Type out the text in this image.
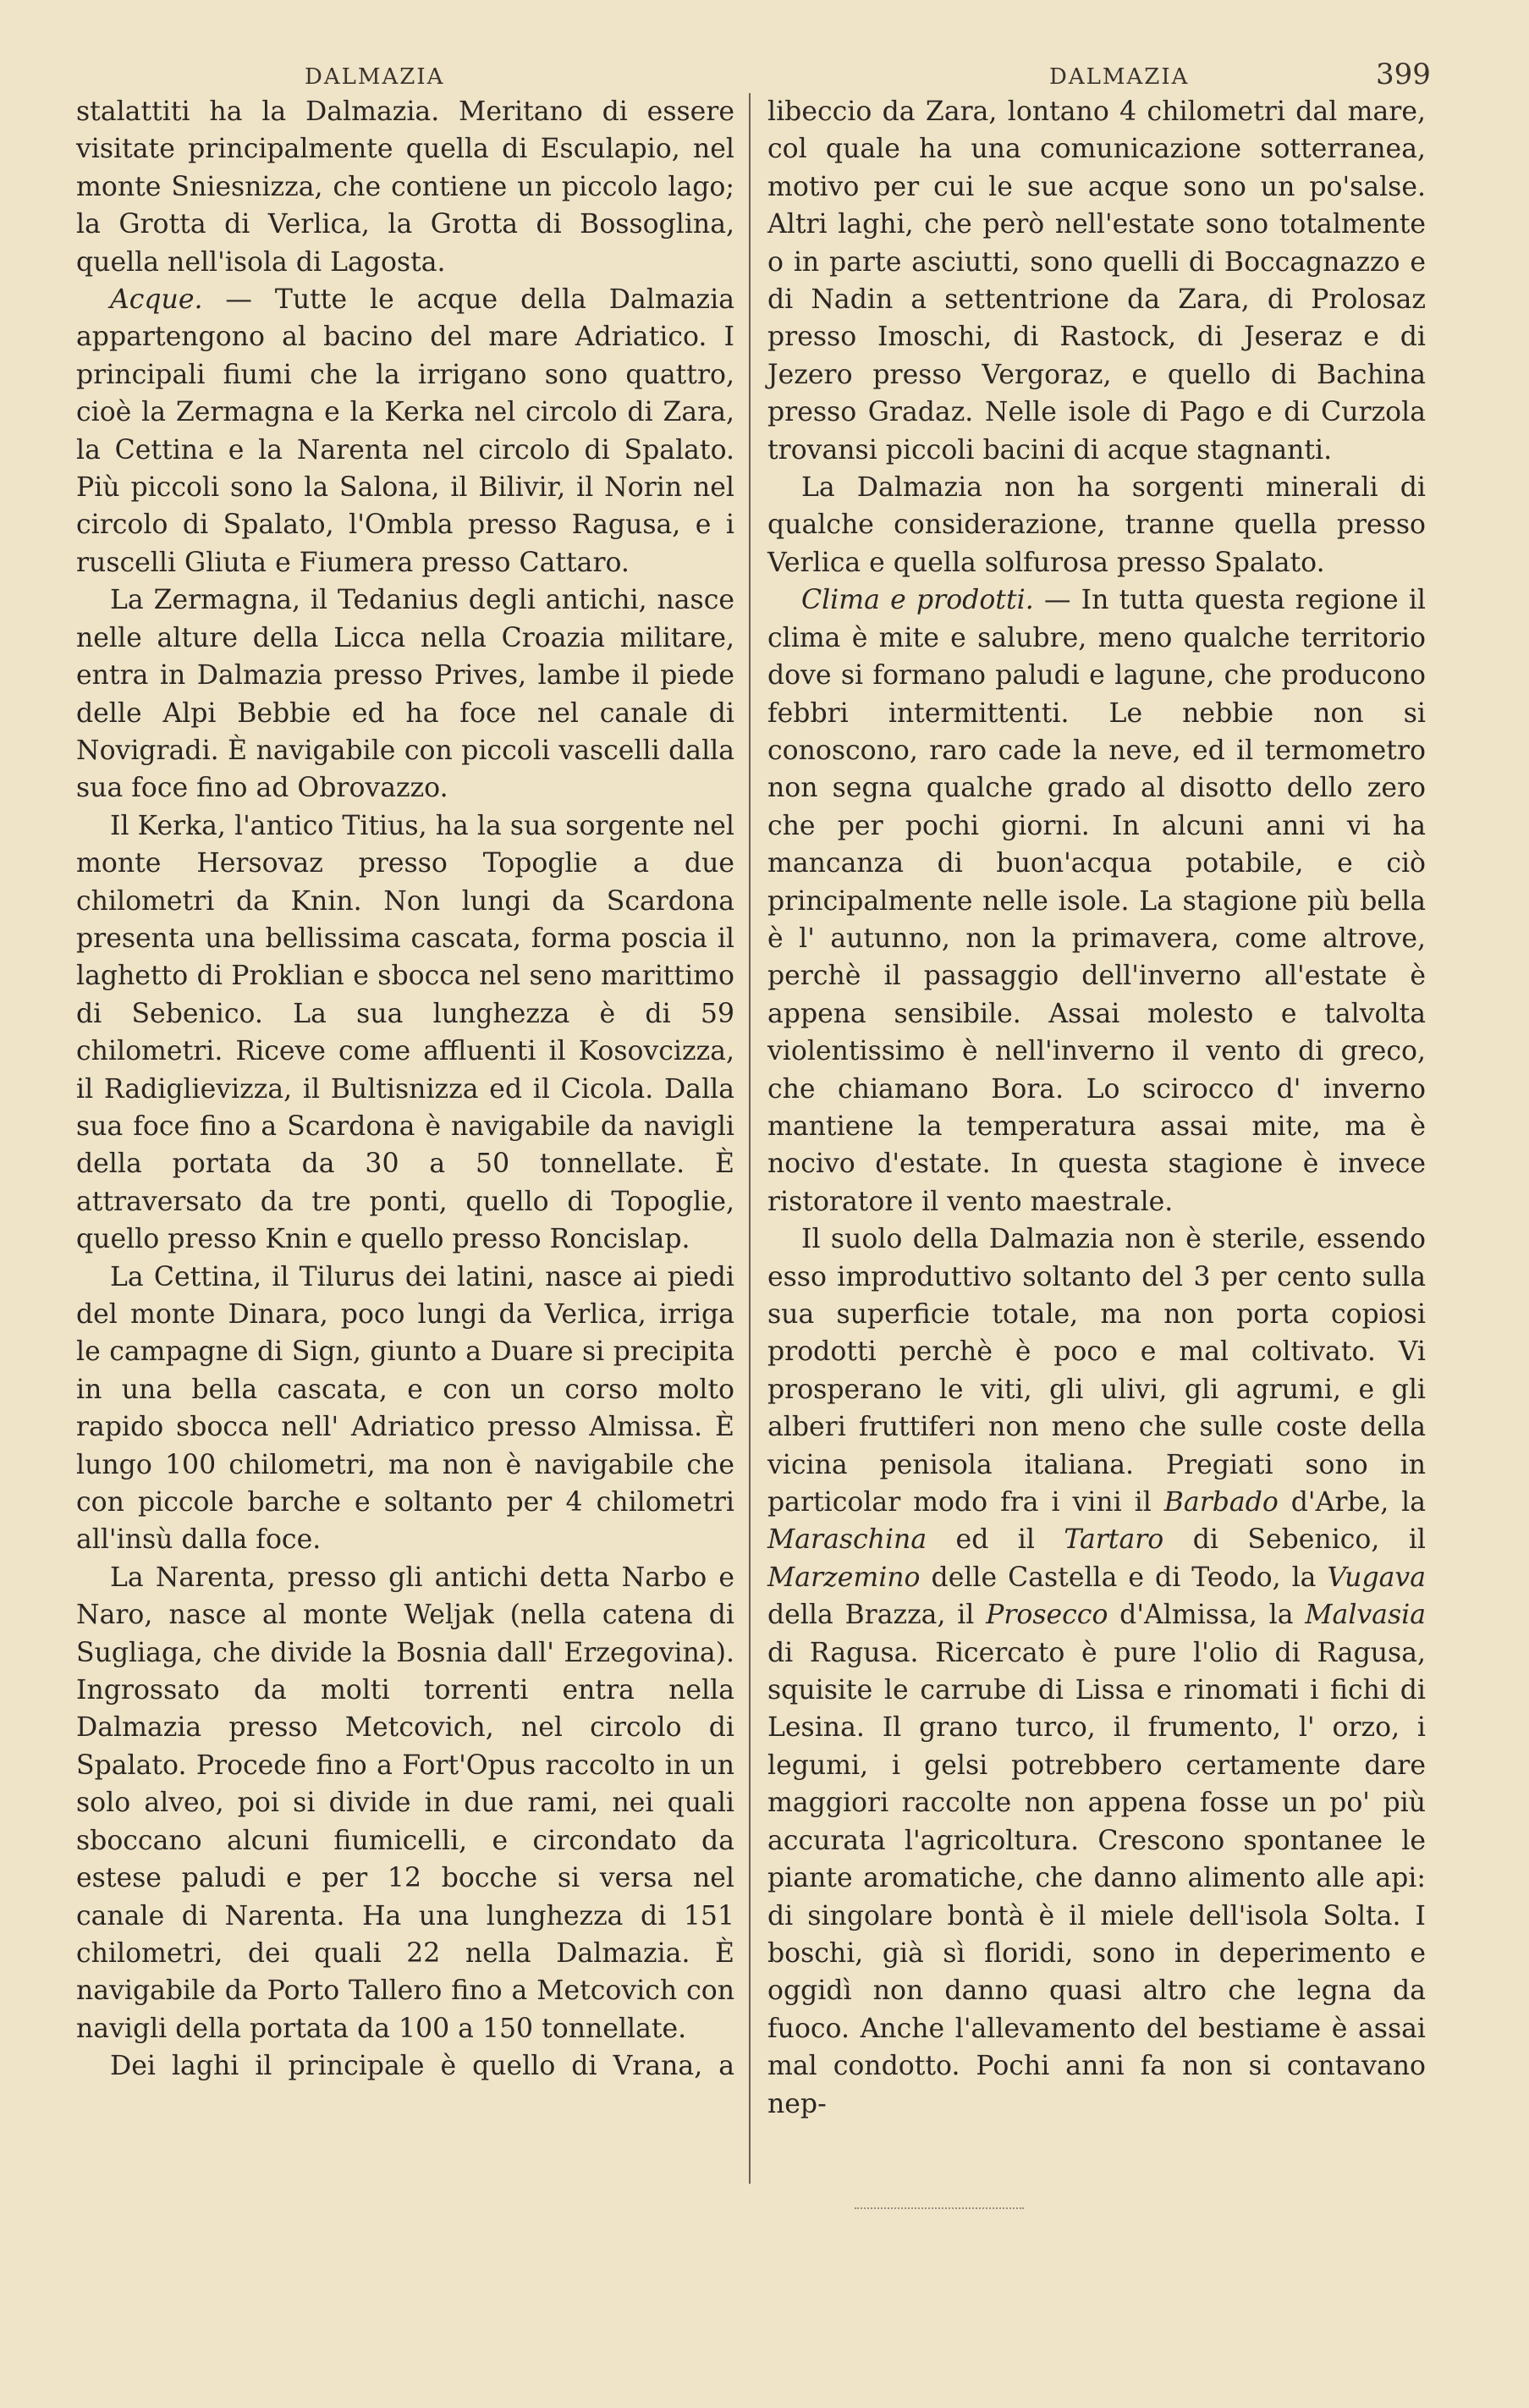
DALMAZIA	DALMAZIA	399

stalattiti ha la Dalmazia. Meritano di essere visitate principalmente quella di Esculapio, nel monte Sniesnizza, che contiene un piccolo lago; la Grotta di Verlica, la Grotta di Bossoglina, quella nell'isola di Lagosta.

Acque. — Tutte le acque della Dalmazia appartengono al bacino del mare Adriatico. I principali fiumi che la irrigano sono quattro, cioè la Zermagna e la Kerka nel circolo di Zara, la Cettina e la Narenta nel circolo di Spalato. Più piccoli sono la Salona, il Bilivir, il Norin nel circolo di Spalato, l'Ombla presso Ragusa, e i ruscelli Gliuta e Fiumera presso Cattaro.

La Zermagna, il Tedanius degli antichi, nasce nelle alture della Licca nella Croazia militare, entra in Dalmazia presso Prives, lambe il piede delle Alpi Bebbie ed ha foce nel canale di Novigradi. È navigabile con piccoli vascelli dalla sua foce fino ad Obrovazzo.

Il Kerka, l'antico Titius, ha la sua sorgente nel monte Hersovaz presso Topoglie a due chilometri da Knin. Non lungi da Scardona presenta una bellissima cascata, forma poscia il laghetto di Proklian e sbocca nel seno marittimo di Sebenico. La sua lunghezza è di 59 chilometri. Riceve come affluenti il Kosovcizza, il Radiglievizza, il Bultisnizza ed il Cicola. Dalla sua foce fino a Scardona è navigabile da navigli della portata da 30 a 50 tonnellate. È attraversato da tre ponti, quello di Topoglie, quello presso Knin e quello presso Roncislap.

La Cettina, il Tilurus dei latini, nasce ai piedi del monte Dinara, poco lungi da Verlica, irriga le campagne di Sign, giunto a Duare si precipita in una bella cascata, e con un corso molto rapido sbocca nell' Adriatico presso Almissa. È lungo 100 chilometri, ma non è navigabile che con piccole barche e soltanto per 4 chilometri all'insù dalla foce.

La Narenta, presso gli antichi detta Narbo e Naro, nasce al monte Weljak (nella catena di Sugliaga, che divide la Bosnia dall' Erzegovina). Ingrossato da molti torrenti entra nella Dalmazia presso Metcovich, nel circolo di Spalato. Procede fino a Fort'Opus raccolto in un solo alveo, poi si divide in due rami, nei quali sboccano alcuni fiumicelli, e circondato da estese paludi e per 12 bocche si versa nel canale di Narenta. Ha una lunghezza di 151 chilometri, dei quali 22 nella Dalmazia. È navigabile da Porto Tallero fino a Metcovich con navigli della portata da 100 a 150 tonnellate.

Dei laghi il principale è quello di Vrana, a

libeccio da Zara, lontano 4 chilometri dal mare, col quale ha una comunicazione sotterranea, motivo per cui le sue acque sono un po'salse. Altri laghi, che però nell'estate sono totalmente o in parte asciutti, sono quelli di Boccagnazzo e di Nadin a settentrione da Zara, di Prolosaz presso Imoschi, di Rastock, di Jeseraz e di Jezero presso Vergoraz, e quello di Bachina presso Gradaz. Nelle isole di Pago e di Curzola trovansi piccoli bacini di acque stagnanti.

La Dalmazia non ha sorgenti minerali di qualche considerazione, tranne quella presso Verlica e quella solfurosa presso Spalato.

Clima e prodotti. — In tutta questa regione il clima è mite e salubre, meno qualche territorio dove si formano paludi e lagune, che producono febbri intermittenti. Le nebbie non si conoscono, raro cade la neve, ed il termometro non segna qualche grado al disotto dello zero che per pochi giorni. In alcuni anni vi ha mancanza di buon'acqua potabile, e ciò principalmente nelle isole. La stagione più bella è l' autunno, non la primavera, come altrove, perchè il passaggio dell'inverno all'estate è appena sensibile. Assai molesto e talvolta violentissimo è nell'inverno il vento di greco, che chiamano Bora. Lo scirocco d' inverno mantiene la temperatura assai mite, ma è nocivo d'estate. In questa stagione è invece ristoratore il vento maestrale.

Il suolo della Dalmazia non è sterile, essendo esso improduttivo soltanto del 3 per cento sulla sua superficie totale, ma non porta copiosi prodotti perchè è poco e mal coltivato. Vi prosperano le viti, gli ulivi, gli agrumi, e gli alberi fruttiferi non meno che sulle coste della vicina penisola italiana. Pregiati sono in particolar modo fra i vini il Barbado d'Arbe, la Maraschina ed il Tartaro di Sebenico, il Marzemino delle Castella e di Teodo, la Vugava della Brazza, il Prosecco d'Almissa, la Malvasia di Ragusa. Ricercato è pure l'olio di Ragusa, squisite le carrube di Lissa e rinomati i fichi di Lesina. Il grano turco, il frumento, l' orzo, i legumi, i gelsi potrebbero certamente dare maggiori raccolte non appena fosse un po' più accurata l'agricoltura. Crescono spontanee le piante aromatiche, che danno alimento alle api: di singolare bontà è il miele dell'isola Solta. I boschi, già sì floridi, sono in deperimento e oggidì non danno quasi altro che legna da fuoco. Anche l'allevamento del bestiame è assai mal condotto. Pochi anni fa non si contavano nep-
